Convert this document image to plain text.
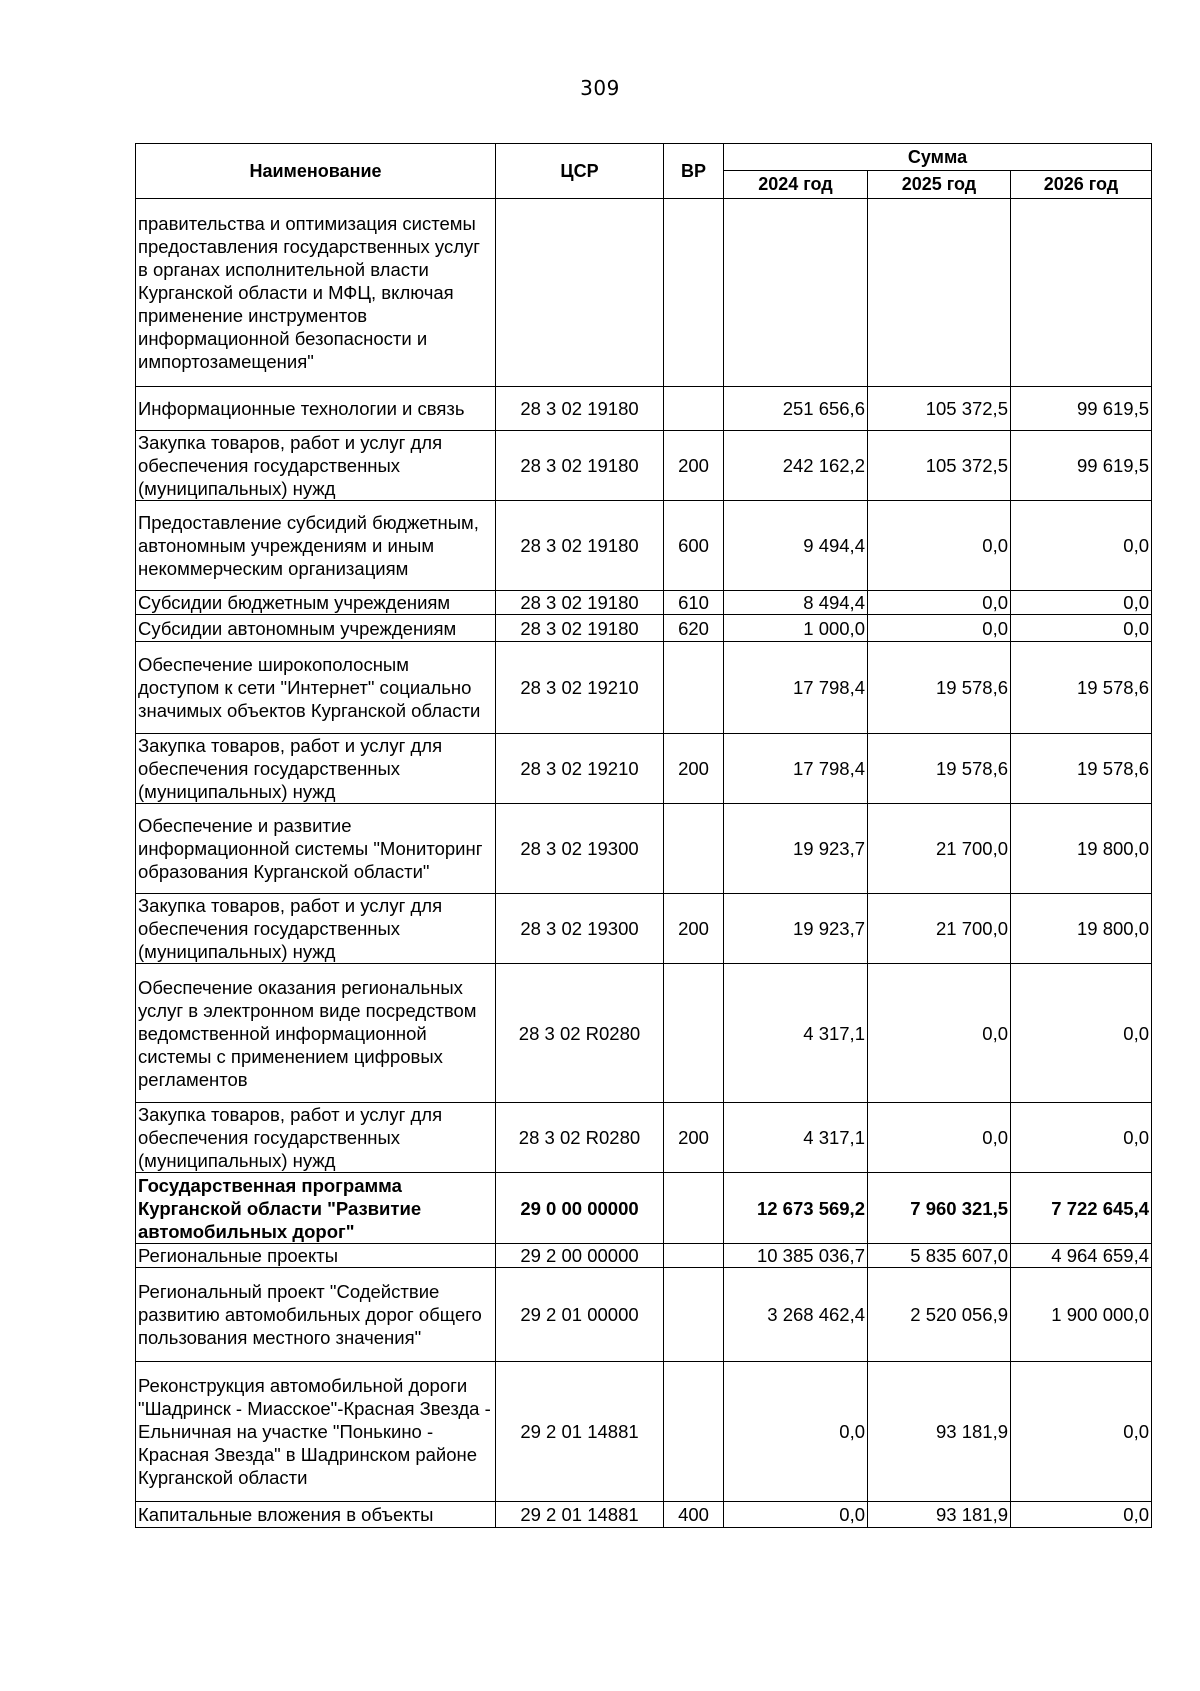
309
Наименование	ЦСР	ВР	Сумма		
			2024 год	2025 год	2026 год
правительства и оптимизация системы предоставления государственных услуг в органах исполнительной власти Курганской области и МФЦ, включая применение инструментов информационной безопасности и импортозамещения"					
Информационные технологии и связь	28 3 02 19180		251 656,6	105 372,5	99 619,5
Закупка товаров, работ и услуг для обеспечения государственных (муниципальных) нужд	28 3 02 19180	200	242 162,2	105 372,5	99 619,5
Предоставление субсидий бюджетным, автономным учреждениям и иным некоммерческим организациям	28 3 02 19180	600	9 494,4	0,0	0,0
Субсидии бюджетным учреждениям	28 3 02 19180	610	8 494,4	0,0	0,0
Субсидии автономным учреждениям	28 3 02 19180	620	1 000,0	0,0	0,0
Обеспечение широкополосным доступом к сети "Интернет" социально значимых объектов Курганской области	28 3 02 19210		17 798,4	19 578,6	19 578,6
Закупка товаров, работ и услуг для обеспечения государственных (муниципальных) нужд	28 3 02 19210	200	17 798,4	19 578,6	19 578,6
Обеспечение и развитие информационной системы "Мониторинг образования Курганской области"	28 3 02 19300		19 923,7	21 700,0	19 800,0
Закупка товаров, работ и услуг для обеспечения государственных (муниципальных) нужд	28 3 02 19300	200	19 923,7	21 700,0	19 800,0
Обеспечение оказания региональных услуг в электронном виде посредством ведомственной информационной системы с применением цифровых регламентов	28 3 02 R0280		4 317,1	0,0	0,0
Закупка товаров, работ и услуг для обеспечения государственных (муниципальных) нужд	28 3 02 R0280	200	4 317,1	0,0	0,0
Государственная программа Курганской области "Развитие автомобильных дорог"	29 0 00 00000		12 673 569,2	7 960 321,5	7 722 645,4
Региональные проекты	29 2 00 00000		10 385 036,7	5 835 607,0	4 964 659,4
Региональный проект "Содействие развитию автомобильных дорог общего пользования местного значения"	29 2 01 00000		3 268 462,4	2 520 056,9	1 900 000,0
Реконструкция автомобильной дороги "Шадринск - Миасское"-Красная Звезда - Ельничная на участке "Понькино - Красная Звезда" в Шадринском районе Курганской области	29 2 01 14881		0,0	93 181,9	0,0
Капитальные вложения в объекты	29 2 01 14881	400	0,0	93 181,9	0,0
